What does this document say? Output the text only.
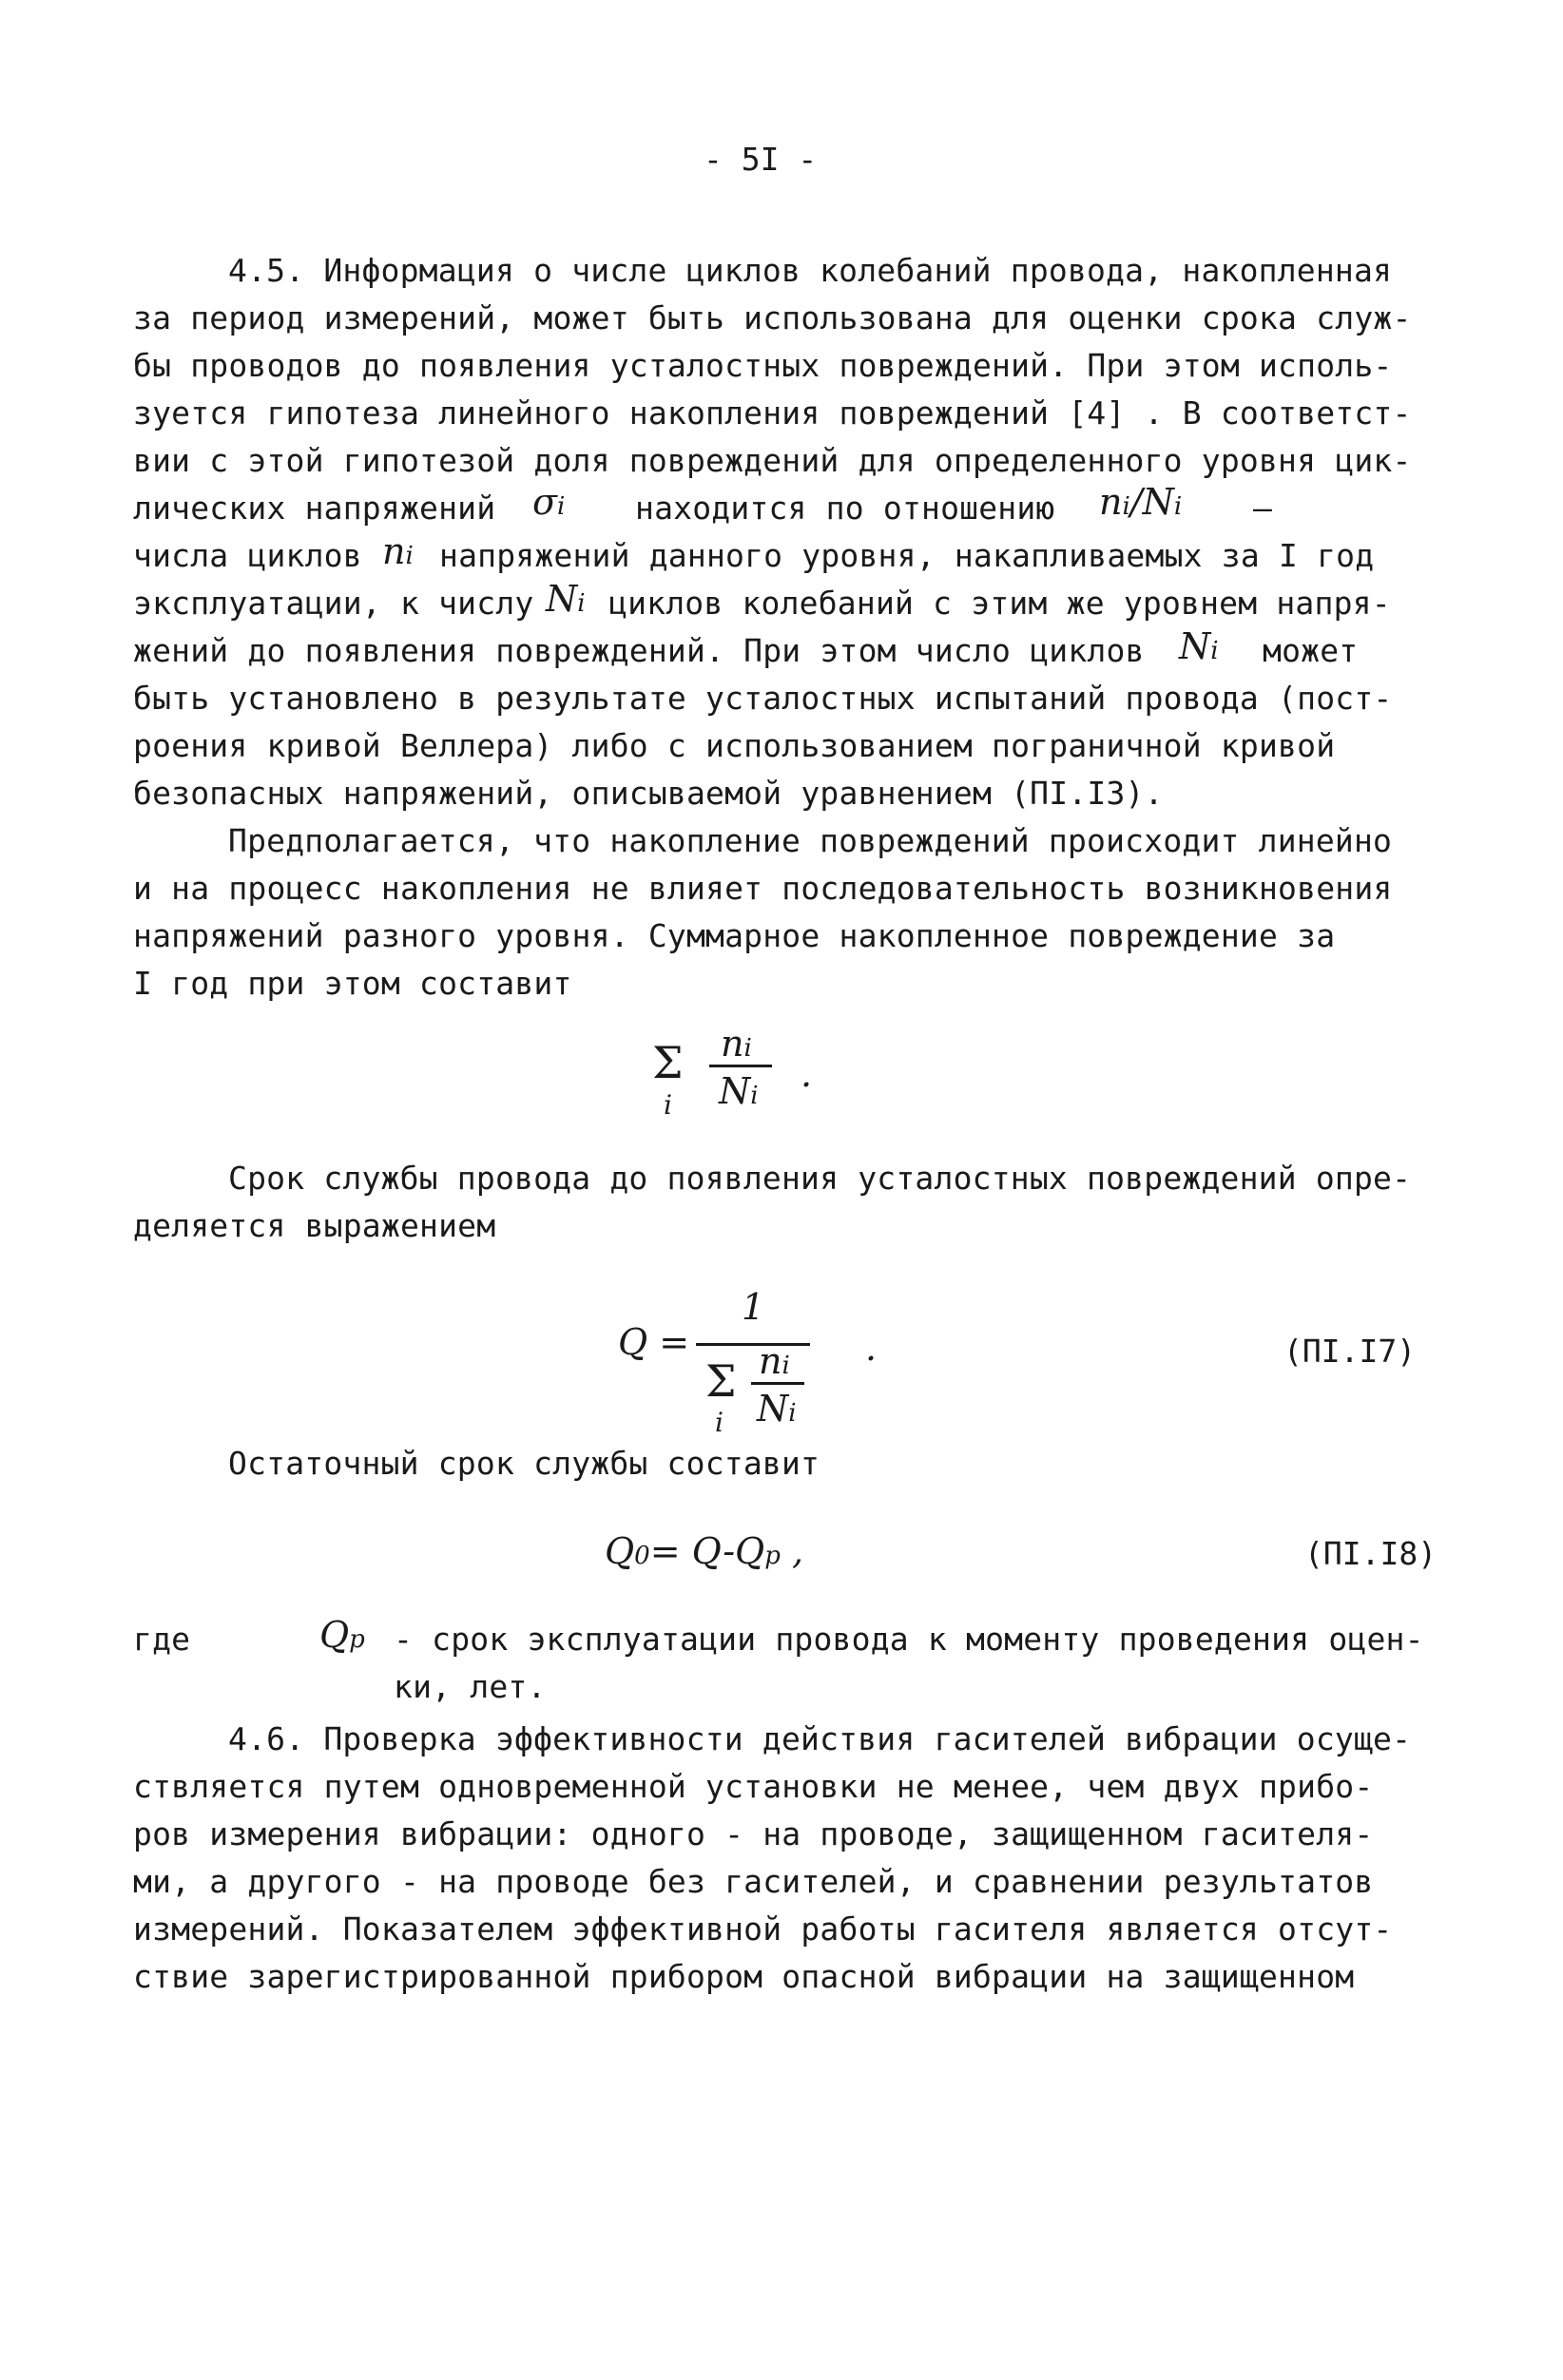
- 5I -
4.5. Информация о числе циклов колебаний провода, накопленная
за период измерений, может быть использована для оценки срока служ-
бы проводов до появления усталостных повреждений. При этом исполь-
зуется гипотеза линейного накопления повреждений [4] . В соответст-
вии с этой гипотезой доля повреждений для определенного уровня цик-
лических напряжений σi находится по отношению ni/Ni –
числа циклов ni напряжений данного уровня, накапливаемых за I год
эксплуатации, к числу Ni циклов колебаний с этим же уровнем напря-
жений до появления повреждений. При этом число циклов Ni может
быть установлено в результате усталостных испытаний провода (пост-
роения кривой Веллера) либо с использованием пограничной кривой
безопасных напряжений, описываемой уравнением (ПI.I3).
Предполагается, что накопление повреждений происходит линейно
и на процесс накопления не влияет последовательность возникновения
напряжений разного уровня. Суммарное накопленное повреждение за
I год при этом составит
Σ
i
ni
Ni
.
Срок службы провода до появления усталостных повреждений опре-
деляется выражением
Q =
1
Σ
i
ni
Ni
.	(ПI.I7)
Остаточный срок службы составит
Q0= Q-Qp ,	(ПI.I8)
где	Qp - срок эксплуатации провода к моменту проведения оцен-
ки, лет.
4.6. Проверка эффективности действия гасителей вибрации осуще-
ствляется путем одновременной установки не менее, чем двух прибо-
ров измерения вибрации: одного - на проводе, защищенном гасителя-
ми, а другого - на проводе без гасителей, и сравнении результатов
измерений. Показателем эффективной работы гасителя является отсут-
ствие зарегистрированной прибором опасной вибрации на защищенном
